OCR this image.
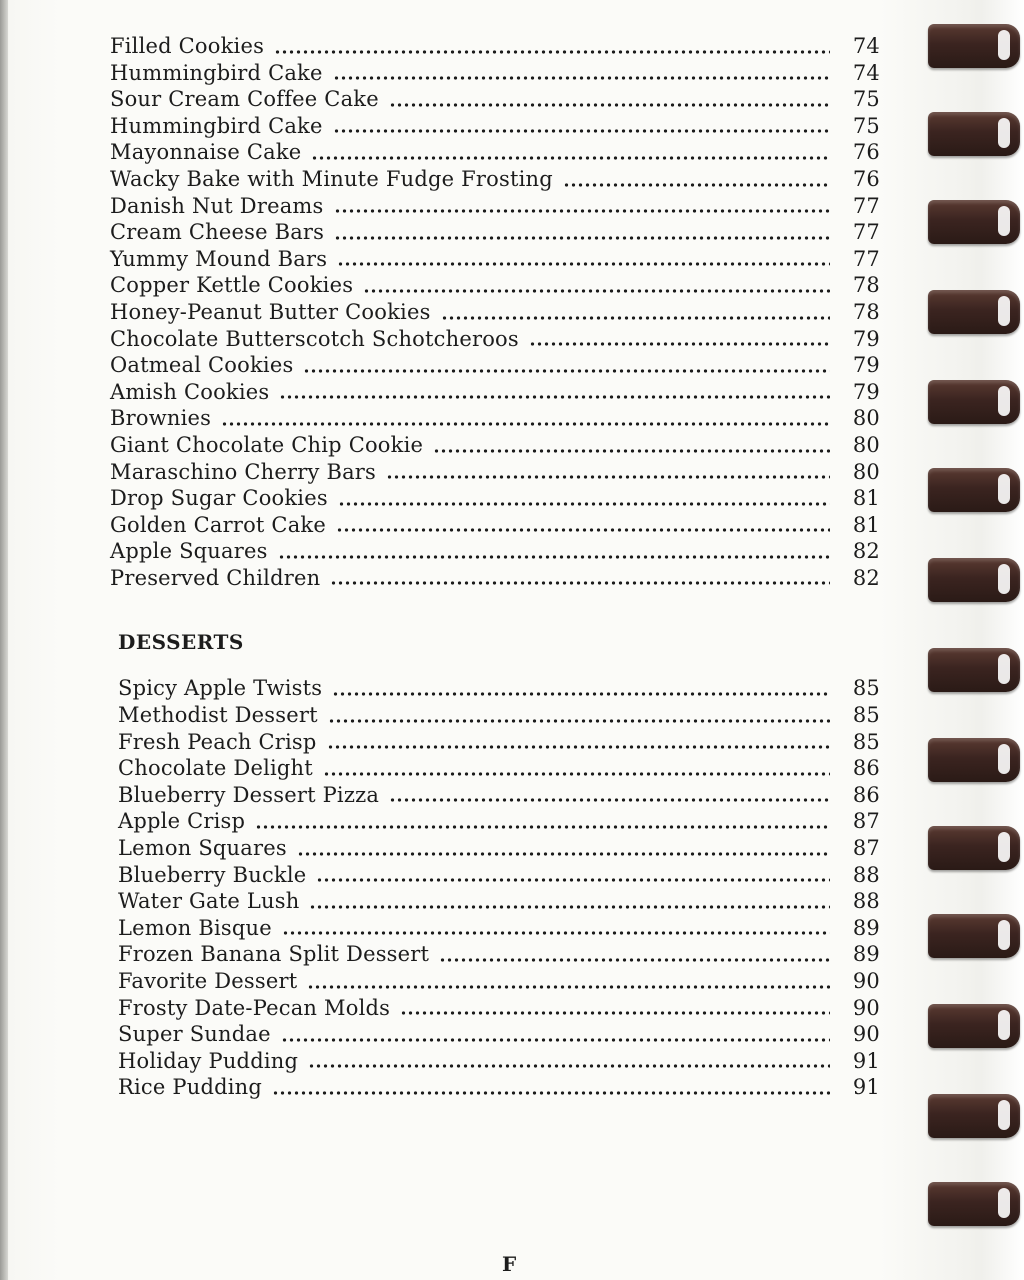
Filled Cookies	74
Hummingbird Cake	74
Sour Cream Coffee Cake	75
Hummingbird Cake	75
Mayonnaise Cake	76
Wacky Bake with Minute Fudge Frosting	76
Danish Nut Dreams	77
Cream Cheese Bars	77
Yummy Mound Bars	77
Copper Kettle Cookies	78
Honey-Peanut Butter Cookies	78
Chocolate Butterscotch Schotcheroos	79
Oatmeal Cookies	79
Amish Cookies	79
Brownies	80
Giant Chocolate Chip Cookie	80
Maraschino Cherry Bars	80
Drop Sugar Cookies	81
Golden Carrot Cake	81
Apple Squares	82
Preserved Children	82
DESSERTS
Spicy Apple Twists	85
Methodist Dessert	85
Fresh Peach Crisp	85
Chocolate Delight	86
Blueberry Dessert Pizza	86
Apple Crisp	87
Lemon Squares	87
Blueberry Buckle	88
Water Gate Lush	88
Lemon Bisque	89
Frozen Banana Split Dessert	89
Favorite Dessert	90
Frosty Date-Pecan Molds	90
Super Sundae	90
Holiday Pudding	91
Rice Pudding	91
F
